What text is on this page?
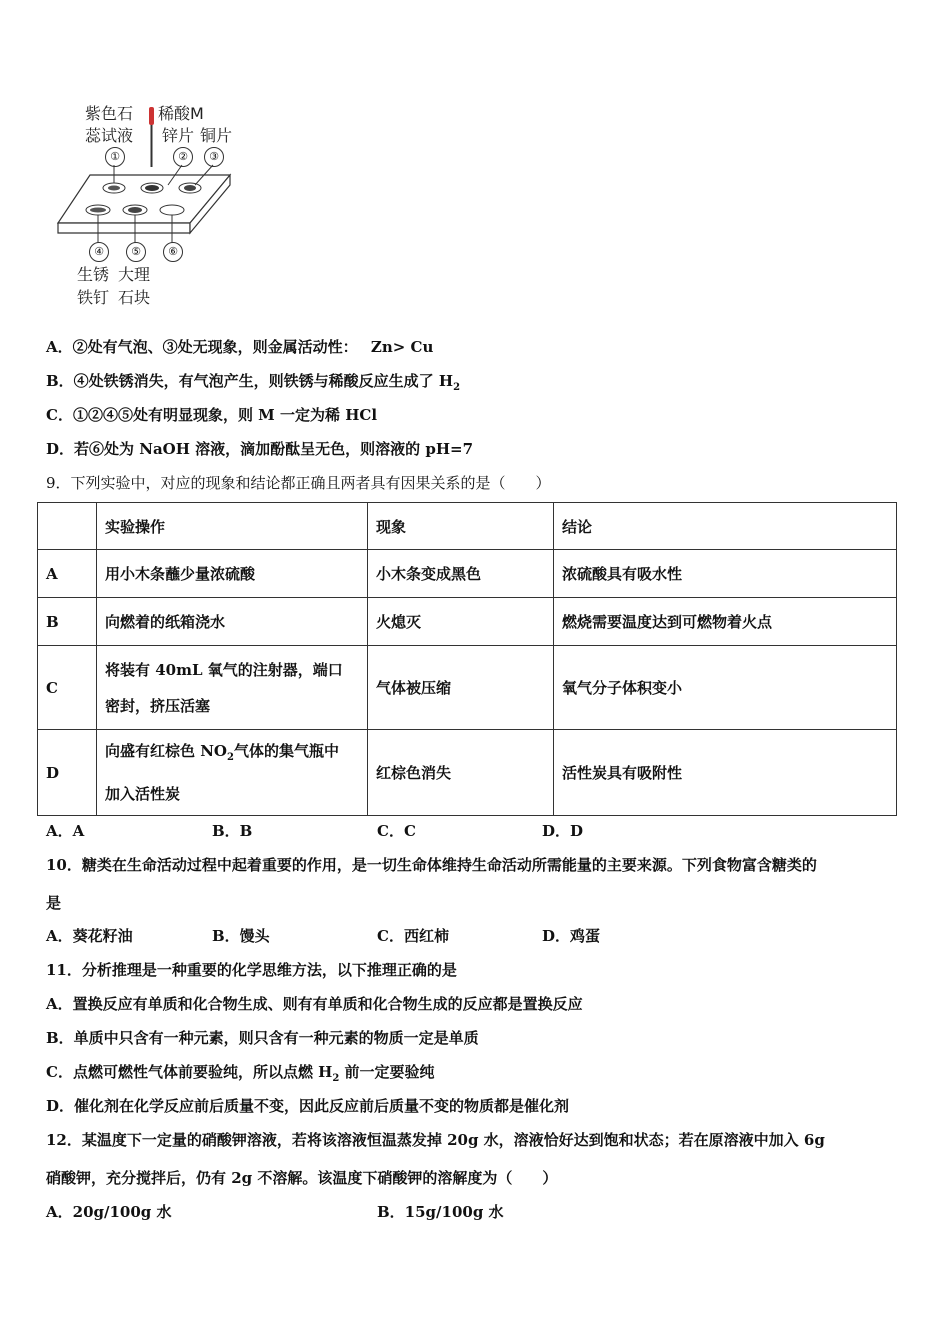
紫色石
蕊试液
稀酸M
锌片 铜片
①	②	③
④	⑤	⑥
生锈
铁钉
大理
石块
A．②处有气泡、③处无现象，则金属活动性： Zn> Cu
B．④处铁锈消失，有气泡产生，则铁锈与稀酸反应生成了 $H_2$
C．①②④⑤处有明显现象，则 M 一定为稀 HCl
D．若⑥处为 NaOH 溶液，滴加酚酞呈无色，则溶液的 pH=7
9．下列实验中，对应的现象和结论都正确且两者具有因果关系的是（　　）
	实验操作	现象	结论
A	用小木条蘸少量浓硫酸	小木条变成黑色	浓硫酸具有吸水性
B	向燃着的纸箱浇水	火熄灭	燃烧需要温度达到可燃物着火点
C	将装有 40mL 氧气的注射器，端口
密封，挤压活塞	气体被压缩	氧气分子体积变小
D	向盛有红棕色 $NO_2$气体的集气瓶中
加入活性炭	红棕色消失	活性炭具有吸附性
A．A	B．B	C．C	D．D
10．糖类在生命活动过程中起着重要的作用，是一切生命体维持生命活动所需能量的主要来源。下列食物富含糖类的
是
A．葵花籽油	B．馒头	C．西红柿	D．鸡蛋
11．分析推理是一种重要的化学思维方法，以下推理正确的是
A．置换反应有单质和化合物生成、则有有单质和化合物生成的反应都是置换反应
B．单质中只含有一种元素，则只含有一种元素的物质一定是单质
C．点燃可燃性气体前要验纯，所以点燃 $H_2$ 前一定要验纯
D．催化剂在化学反应前后质量不变，因此反应前后质量不变的物质都是催化剂
12．某温度下一定量的硝酸钾溶液，若将该溶液恒温蒸发掉 20g 水，溶液恰好达到饱和状态；若在原溶液中加入 6g
硝酸钾，充分搅拌后，仍有 2g 不溶解。该温度下硝酸钾的溶解度为（　　）
A．20g/100g 水	B．15g/100g 水
